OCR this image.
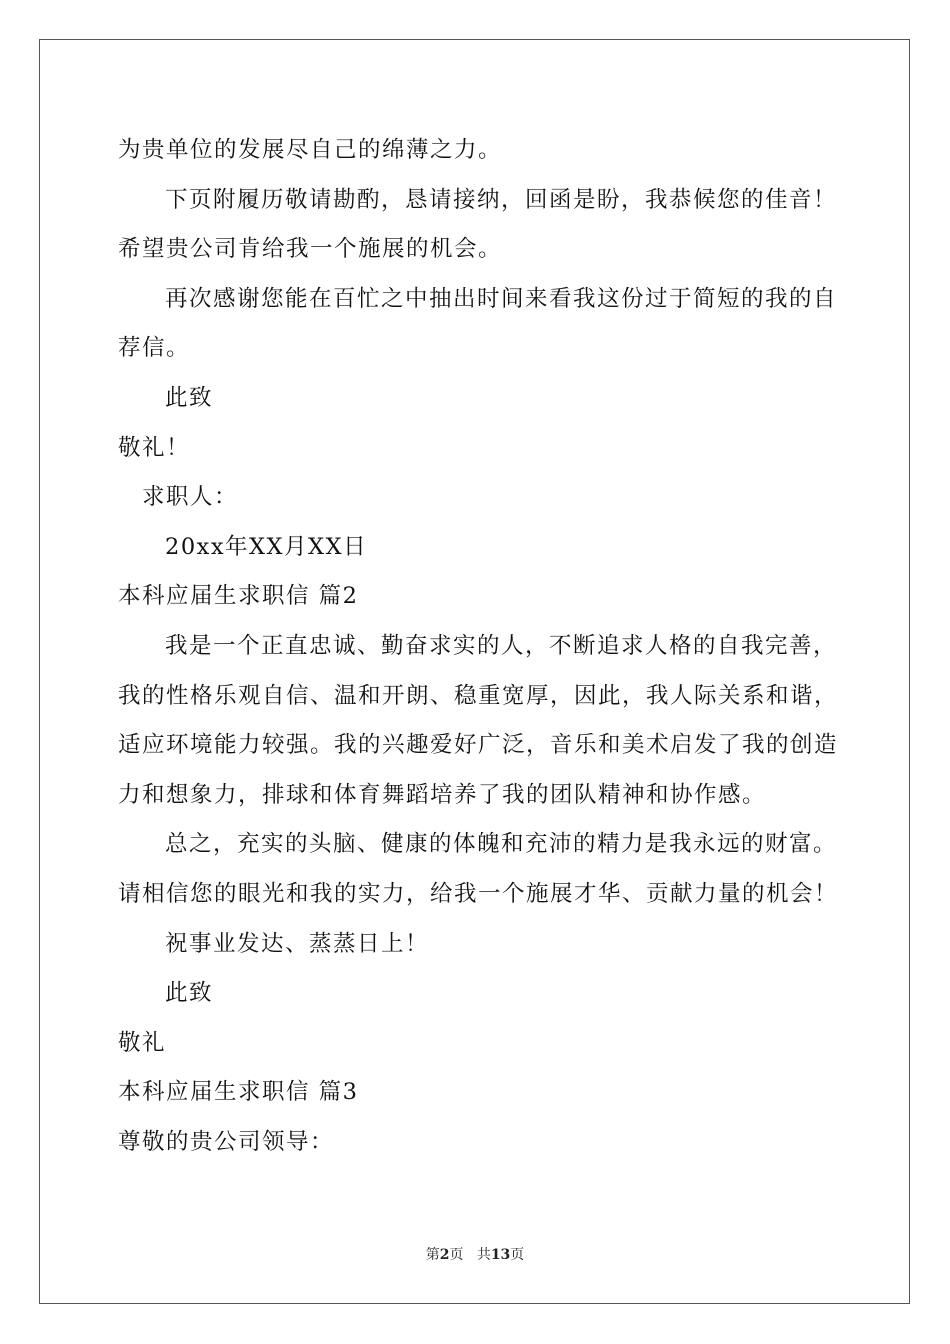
为贵单位的发展尽自己的绵薄之力。
下页附履历敬请勘酌，恳请接纳，回函是盼，我恭候您的佳音！
希望贵公司肯给我一个施展的机会。
再次感谢您能在百忙之中抽出时间来看我这份过于简短的我的自
荐信。
此致
敬礼！
求职人：
20xx年XX月XX日
本科应届生求职信 篇2
我是一个正直忠诚、勤奋求实的人，不断追求人格的自我完善，
我的性格乐观自信、温和开朗、稳重宽厚，因此，我人际关系和谐，
适应环境能力较强。我的兴趣爱好广泛，音乐和美术启发了我的创造
力和想象力，排球和体育舞蹈培养了我的团队精神和协作感。
总之，充实的头脑、健康的体魄和充沛的精力是我永远的财富。
请相信您的眼光和我的实力，给我一个施展才华、贡献力量的机会！
祝事业发达、蒸蒸日上！
此致
敬礼
本科应届生求职信 篇3
尊敬的贵公司领导：
第2页 共13页
